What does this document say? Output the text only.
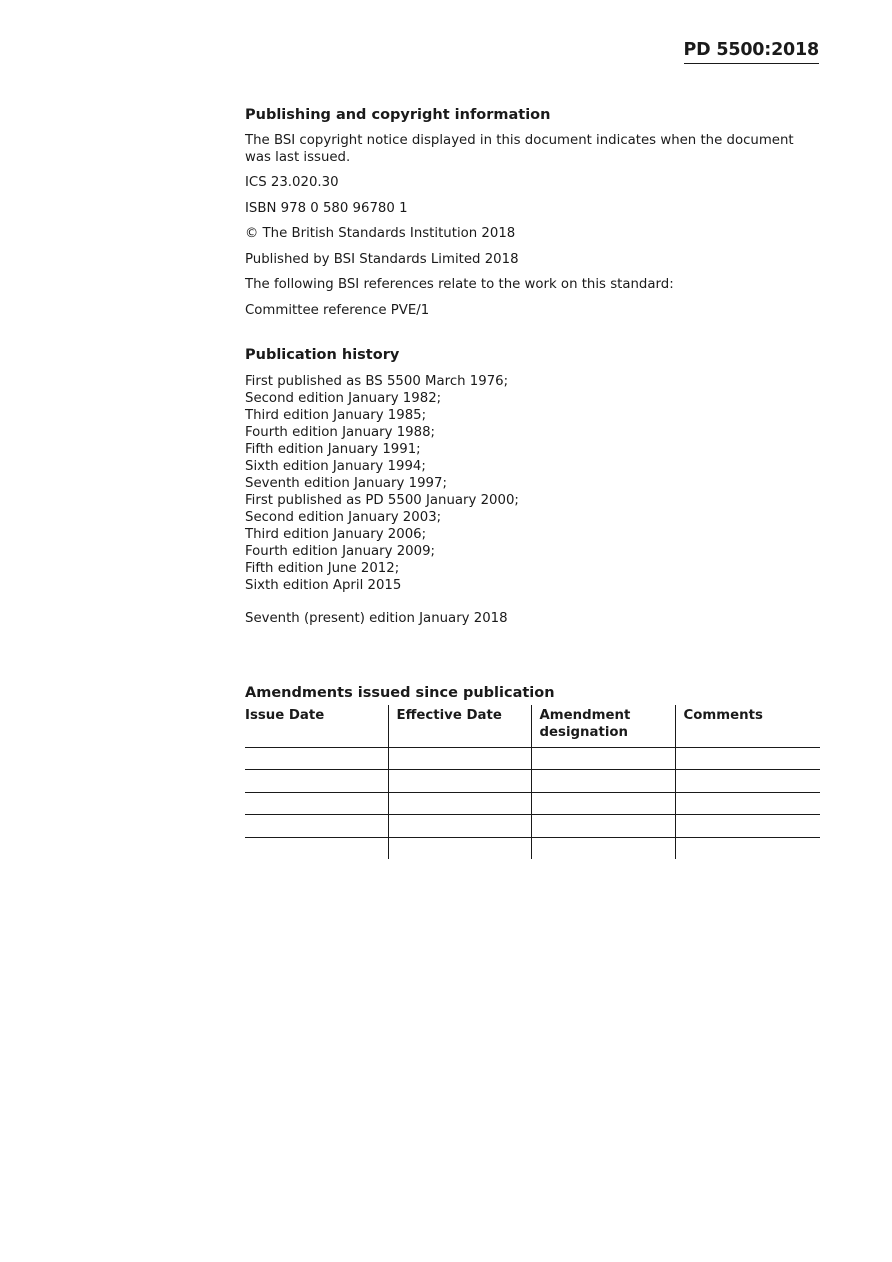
PD 5500:2018
Publishing and copyright information

The BSI copyright notice displayed in this document indicates when the document was last issued.

ICS 23.020.30

ISBN 978 0 580 96780 1

© The British Standards Institution 2018

Published by BSI Standards Limited 2018

The following BSI references relate to the work on this standard:

Committee reference PVE/1

Publication history

First published as BS 5500 March 1976;

Second edition January 1982;

Third edition January 1985;

Fourth edition January 1988;

Fifth edition January 1991;

Sixth edition January 1994;

Seventh edition January 1997;

First published as PD 5500 January 2000;

Second edition January 2003;

Third edition January 2006;

Fourth edition January 2009;

Fifth edition June 2012;

Sixth edition April 2015

Seventh (present) edition January 2018

Amendments issued since publication
Issue Date	Effective Date	Amendment designation	Comments
